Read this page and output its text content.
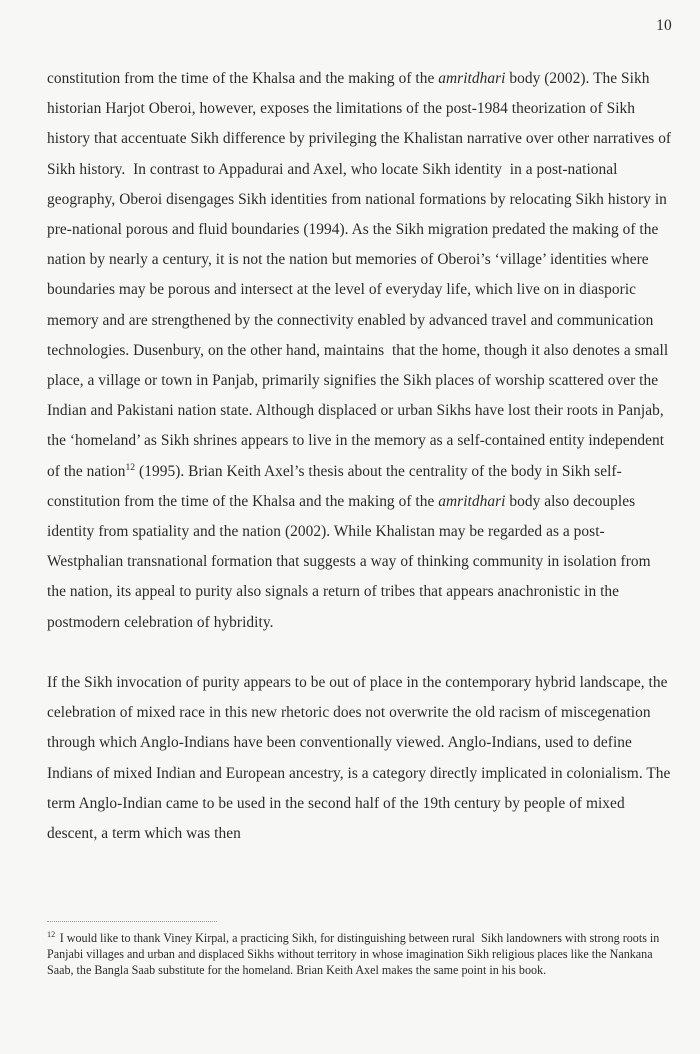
10

constitution from the time of the Khalsa and the making of the amritdhari body (2002). The Sikh historian Harjot Oberoi, however, exposes the limitations of the post-1984 theorization of Sikh history that accentuate Sikh difference by privileging the Khalistan narrative over other narratives of Sikh history.  In contrast to Appadurai and Axel, who locate Sikh identity  in a post-national geography, Oberoi disengages Sikh identities from national formations by relocating Sikh history in pre-national porous and fluid boundaries (1994). As the Sikh migration predated the making of the nation by nearly a century, it is not the nation but memories of Oberoi’s ‘village’ identities where boundaries may be porous and intersect at the level of everyday life, which live on in diasporic memory and are strengthened by the connectivity enabled by advanced travel and communication technologies. Dusenbury, on the other hand, maintains  that the home, though it also denotes a small place, a village or town in Panjab, primarily signifies the Sikh places of worship scattered over the Indian and Pakistani nation state. Although displaced or urban Sikhs have lost their roots in Panjab, the ‘homeland’ as Sikh shrines appears to live in the memory as a self-contained entity independent of the nation$^{12}$ (1995). Brian Keith Axel’s thesis about the centrality of the body in Sikh self-constitution from the time of the Khalsa and the making of the amritdhari body also decouples identity from spatiality and the nation (2002). While Khalistan may be regarded as a post-Westphalian transnational formation that suggests a way of thinking community in isolation from the nation, its appeal to purity also signals a return of tribes that appears anachronistic in the postmodern celebration of hybridity.

If the Sikh invocation of purity appears to be out of place in the contemporary hybrid landscape, the celebration of mixed race in this new rhetoric does not overwrite the old racism of miscegenation through which Anglo-Indians have been conventionally viewed. Anglo-Indians, used to define Indians of mixed Indian and European ancestry, is a category directly implicated in colonialism. The term Anglo-Indian came to be used in the second half of the 19th century by people of mixed descent, a term which was then

$^{12}$ I would like to thank Viney Kirpal, a practicing Sikh, for distinguishing between rural  Sikh landowners with strong roots in Panjabi villages and urban and displaced Sikhs without territory in whose imagination Sikh religious places like the Nankana Saab, the Bangla Saab substitute for the homeland. Brian Keith Axel makes the same point in his book.
